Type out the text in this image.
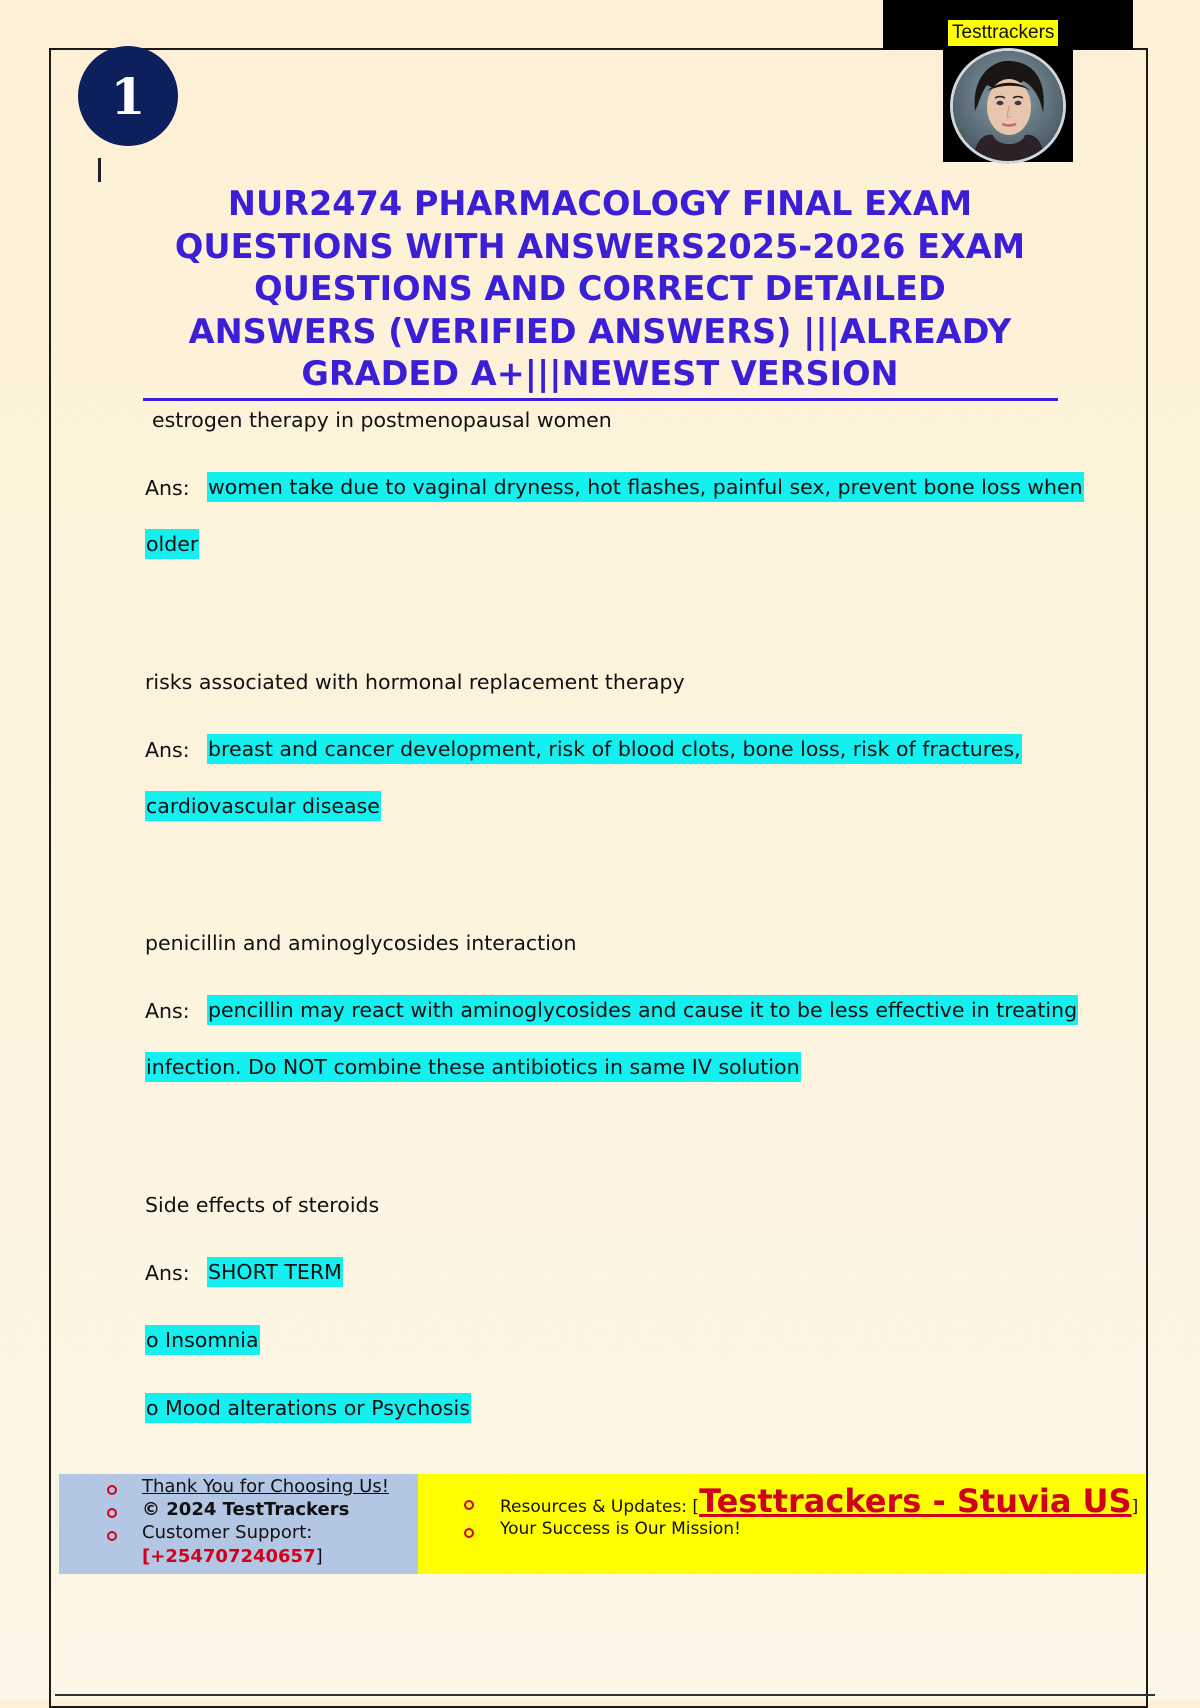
1
Testtrackers
NUR2474 PHARMACOLOGY FINAL EXAM
QUESTIONS WITH ANSWERS2025-2026 EXAM
QUESTIONS AND CORRECT DETAILED
ANSWERS (VERIFIED ANSWERS) |||ALREADY
GRADED A+|||NEWEST VERSION
estrogen therapy in postmenopausal women
Ans: women take due to vaginal dryness, hot flashes, painful sex, prevent bone loss when
older
risks associated with hormonal replacement therapy
Ans: breast and cancer development, risk of blood clots, bone loss, risk of fractures,
cardiovascular disease
penicillin and aminoglycosides interaction
Ans: pencillin may react with aminoglycosides and cause it to be less effective in treating
infection. Do NOT combine these antibiotics in same IV solution
Side effects of steroids
Ans: SHORT TERM
o Insomnia
o Mood alterations or Psychosis
Thank You for Choosing Us!
© 2024 TestTrackers
Customer Support:
[+254707240657]
Resources & Updates: [Testtrackers - Stuvia US]
Your Success is Our Mission!
